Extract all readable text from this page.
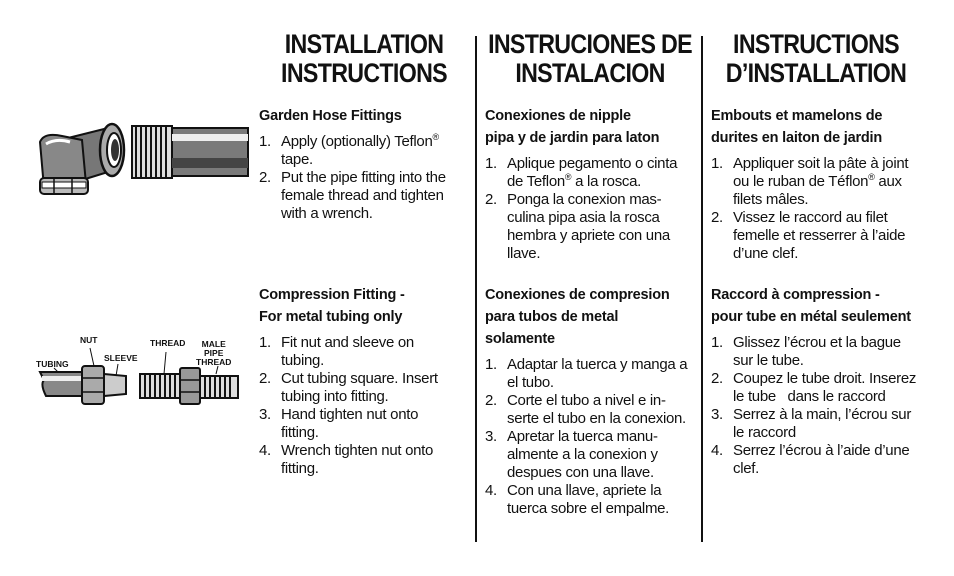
TUBING
NUT
SLEEVE
THREAD	MALE
PIPE
THREAD
INSTALLATION
INSTRUCTIONS
Garden Hose Fittings
1. Apply (optionally) Teflon® tape.
2. Put the pipe fitting into the female thread and tighten with a wrench.
Compression Fitting -
For metal tubing only
1. Fit nut and sleeve on tubing.
2. Cut tubing square. Insert tubing into fitting.
3. Hand tighten nut onto fitting.
4. Wrench tighten nut onto fitting.
INSTRUCIONES DE
INSTALACION
Conexiones de nipple
pipa y de jardin para laton
1. Aplique pegamento o cinta de Teflon® a la rosca.
2. Ponga la conexion mas-culina pipa asia la rosca hembra y apriete con una llave.
Conexiones de compresion
para tubos de metal
solamente
1. Adaptar la tuerca y manga a el tubo.
2. Corte el tubo a nivel e in-serte el tubo en la conexion.
3. Apretar la tuerca manu-almente a la conexion y despues con una llave.
4. Con una llave, apriete la tuerca sobre el empalme.
INSTRUCTIONS
D’INSTALLATION
Embouts et mamelons de
durites en laiton de jardin
1. Appliquer soit la pâte à joint ou le ruban de Téflon® aux filets mâles.
2. Vissez le raccord au filet femelle et resserrer à l’aide d’une clef.
Raccord à compression -
pour tube en métal seulement
1. Glissez l’écrou et la bague sur le tube.
2. Coupez le tube droit. Inserez le tube   dans le raccord
3. Serrez à la main, l’écrou sur le raccord
4. Serrez l’écrou à l’aide d’une clef.
